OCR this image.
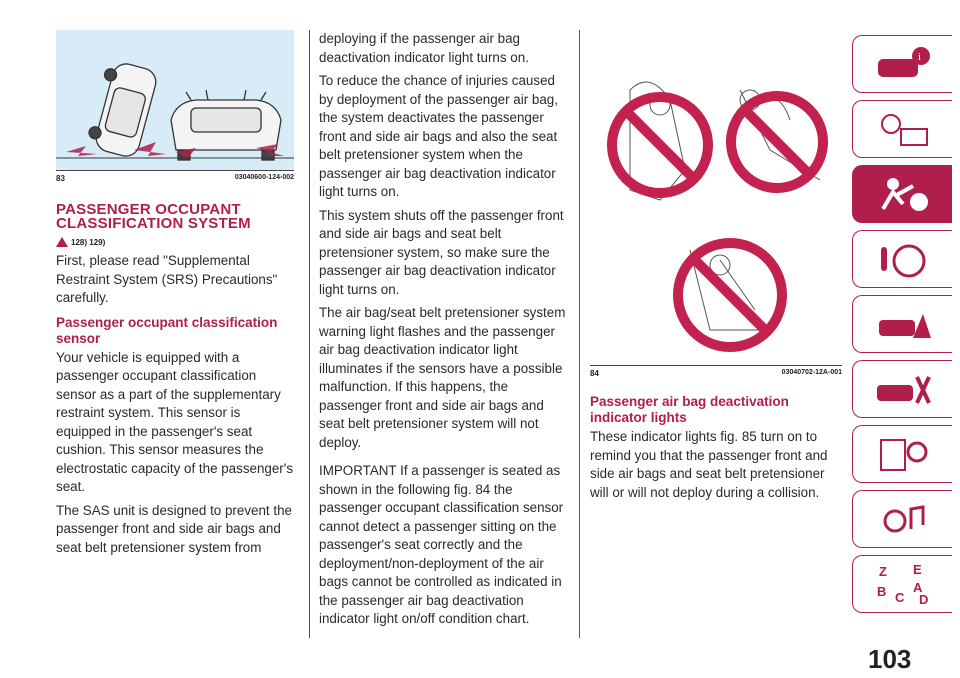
83	03040600-124-002
PASSENGER OCCUPANT CLASSIFICATION SYSTEM
128) 129)

First, please read "Supplemental Restraint System (SRS) Precautions" carefully.

Passenger occupant classification sensor

Your vehicle is equipped with a passenger occupant classification sensor as a part of the supplementary restraint system. This sensor is equipped in the passenger's seat cushion. This sensor measures the electrostatic capacity of the passenger's seat.

The SAS unit is designed to prevent the passenger front and side air bags and seat belt pretensioner system from

deploying if the passenger air bag deactivation indicator light turns on.

To reduce the chance of injuries caused by deployment of the passenger air bag, the system deactivates the passenger front and side air bags and also the seat belt pretensioner system when the passenger air bag deactivation indicator light turns on.

This system shuts off the passenger front and side air bags and seat belt pretensioner system, so make sure the passenger air bag deactivation indicator light turns on.

The air bag/seat belt pretensioner system warning light flashes and the passenger air bag deactivation indicator light illuminates if the sensors have a possible malfunction. If this happens, the passenger front and side air bags and seat belt pretensioner system will not deploy.

IMPORTANT If a passenger is seated as shown in the following fig. 84 the passenger occupant classification sensor cannot detect a passenger sitting on the passenger's seat correctly and the deployment/non-deployment of the air bags cannot be controlled as indicated in the passenger air bag deactivation indicator light on/off condition chart.

84	03040702-12A-001
Passenger air bag deactivation indicator lights

These indicator lights fig. 85 turn on to remind you that the passenger front and side air bags and seat belt pretensioner will or will not deploy during a collision.

i
Z E
B A
C D
103
